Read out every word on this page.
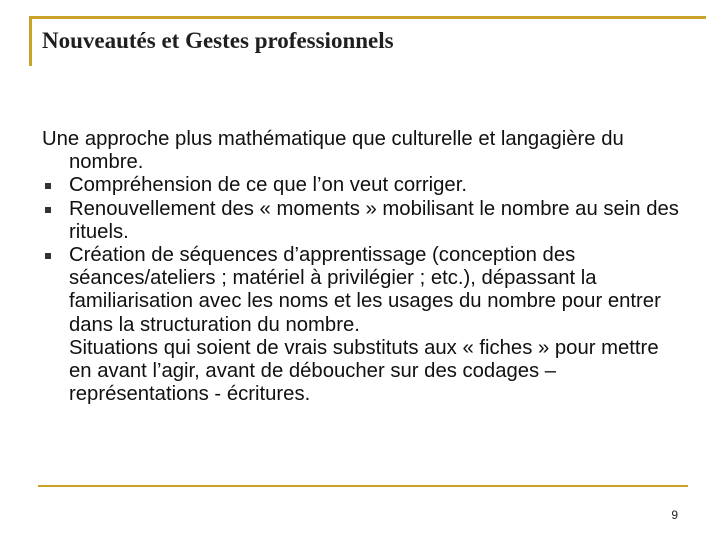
Nouveautés et Gestes professionnels

Une approche plus mathématique que culturelle et langagière du nombre.

Compréhension de ce que l’on veut corriger.
Renouvellement des « moments » mobilisant le nombre au sein des rituels.
Création de séquences d’apprentissage (conception des séances/ateliers ; matériel à privilégier ; etc.), dépassant la familiarisation avec les noms et les usages du nombre pour entrer dans la structuration du nombre.

Situations qui soient de vrais substituts aux « fiches » pour mettre en avant l’agir, avant de déboucher sur des codages – représentations - écritures.

9
